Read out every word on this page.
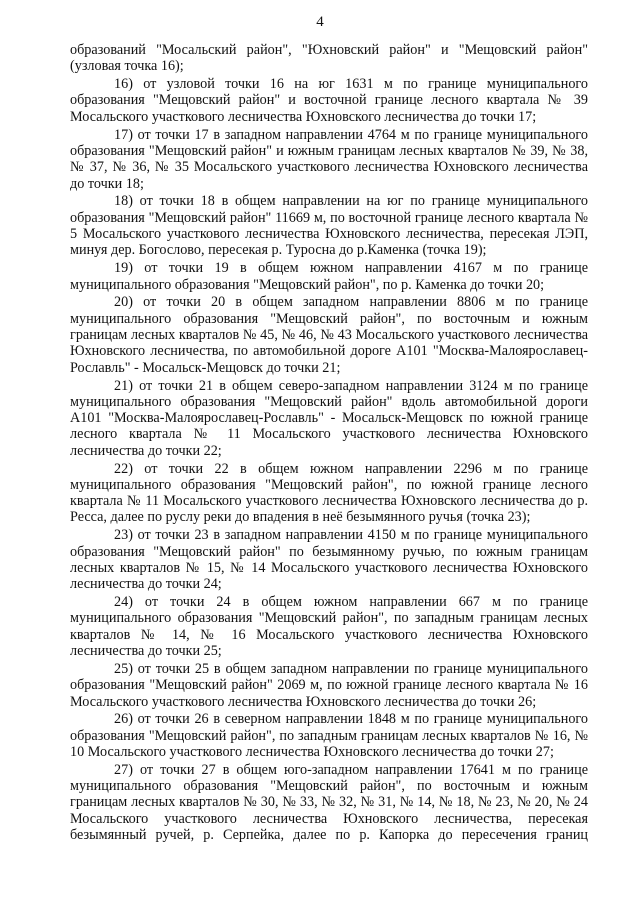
4

образований "Мосальский район", "Юхновский район" и "Мещовский район" (узловая точка 16);

16) от узловой точки 16 на юг 1631 м по границе муниципального образования "Мещовский район" и восточной границе лесного квартала № 39 Мосальского участкового лесничества Юхновского лесничества до точки 17;

17) от точки 17 в западном направлении 4764 м по границе муниципального образования "Мещовский район" и южным границам лесных кварталов № 39, № 38, № 37, № 36, № 35 Мосальского участкового лесничества Юхновского лесничества до точки 18;

18) от точки 18 в общем направлении на юг по границе муниципального образования "Мещовский район" 11669 м, по восточной границе лесного квартала № 5 Мосальского участкового лесничества Юхновского лесничества, пересекая ЛЭП, минуя дер. Богослово, пересекая р. Туросна до р.Каменка (точка 19);

19) от точки 19 в общем южном направлении 4167 м по границе муниципального образования "Мещовский район", по р. Каменка до точки 20;

20) от точки 20 в общем западном направлении 8806 м по границе муниципального образования "Мещовский район", по восточным и южным границам лесных кварталов № 45, № 46, № 43 Мосальского участкового лесничества Юхновского лесничества, по автомобильной дороге А101 "Москва-Малоярославец-Рославль" - Мосальск-Мещовск до точки 21;

21) от точки 21 в общем северо-западном направлении 3124 м по границе муниципального образования "Мещовский район" вдоль автомобильной дороги А101 "Москва-Малоярославец-Рославль" - Мосальск-Мещовск по южной границе лесного квартала № 11 Мосальского участкового лесничества Юхновского лесничества до точки 22;

22) от точки 22 в общем южном направлении 2296 м по границе муниципального образования "Мещовский район", по южной границе лесного квартала № 11 Мосальского участкового лесничества Юхновского лесничества до р. Ресса, далее по руслу реки до впадения в неё безымянного ручья (точка 23);

23) от точки 23 в западном направлении 4150 м по границе муниципального образования "Мещовский район" по безымянному ручью, по южным границам лесных кварталов № 15, № 14 Мосальского участкового лесничества Юхновского лесничества до точки 24;

24) от точки 24 в общем южном направлении 667 м по границе муниципального образования "Мещовский район", по западным границам лесных кварталов № 14, № 16 Мосальского участкового лесничества Юхновского лесничества до точки 25;

25) от точки 25 в общем западном направлении по границе муниципального образования "Мещовский район" 2069 м, по южной границе лесного квартала № 16 Мосальского участкового лесничества Юхновского лесничества до точки 26;

26) от точки 26 в северном направлении 1848 м по границе муниципального образования "Мещовский район", по западным границам лесных кварталов № 16, № 10 Мосальского участкового лесничества Юхновского лесничества до точки 27;

27) от точки 27 в общем юго-западном направлении 17641 м по границе муниципального образования "Мещовский район", по восточным и южным границам лесных кварталов № 30, № 33, № 32, № 31, № 14, № 18, № 23, № 20, № 24 Мосальского участкового лесничества Юхновского лесничества, пересекая безымянный ручей, р. Серпейка, далее по р. Капорка до пересечения границ
